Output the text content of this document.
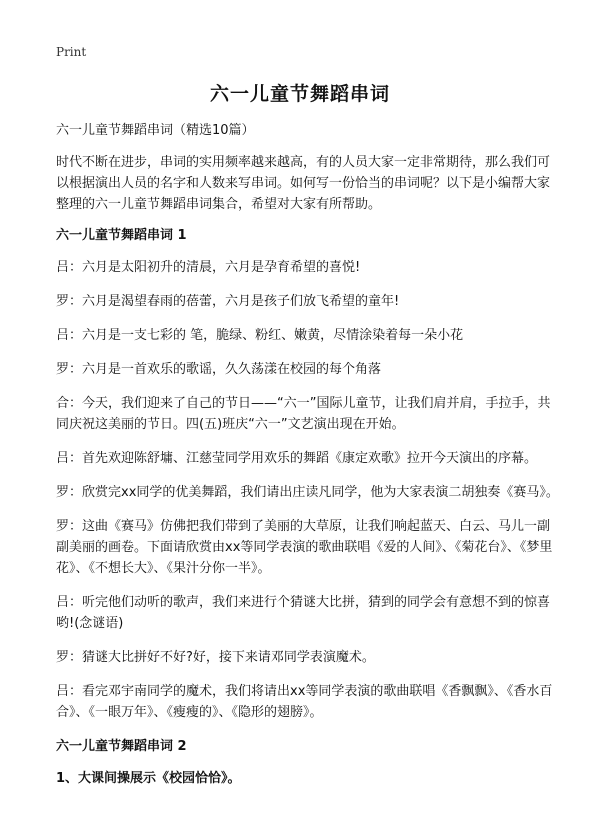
Print
六一儿童节舞蹈串词

六一儿童节舞蹈串词（精选10篇）

时代不断在进步，串词的实用频率越来越高，有的人员大家一定非常期待，那么我们可以根据演出人员的名字和人数来写串词。如何写一份恰当的串词呢？以下是小编帮大家整理的六一儿童节舞蹈串词集合，希望对大家有所帮助。

六一儿童节舞蹈串词 1

吕：六月是太阳初升的清晨，六月是孕育希望的喜悦!

罗：六月是渴望春雨的蓓蕾，六月是孩子们放飞希望的童年!

吕：六月是一支七彩的 笔，脆绿、粉红、嫩黄，尽情涂染着每一朵小花

罗：六月是一首欢乐的歌谣，久久荡漾在校园的每个角落

合：今天，我们迎来了自己的节日——“六一”国际儿童节，让我们肩并肩，手拉手，共同庆祝这美丽的节日。四(五)班庆“六一”文艺演出现在开始。

吕：首先欢迎陈舒墉、江慈莹同学用欢乐的舞蹈《康定欢歌》拉开今天演出的序幕。

罗：欣赏完xx同学的优美舞蹈，我们请出庄读凡同学，他为大家表演二胡独奏《赛马》。

罗：这曲《赛马》仿佛把我们带到了美丽的大草原，让我们响起蓝天、白云、马儿一副副美丽的画卷。下面请欣赏由xx等同学表演的歌曲联唱《爱的人间》、《菊花台》、《梦里花》、《不想长大》、《果汁分你一半》。

吕：听完他们动听的歌声，我们来进行个猜谜大比拼，猜到的同学会有意想不到的惊喜哟!(念谜语)

罗：猜谜大比拼好不好?好，接下来请邓同学表演魔术。

吕：看完邓宇南同学的魔术，我们将请出xx等同学表演的歌曲联唱《香飘飘》、《香水百合》、《一眼万年》、《瘦瘦的》、《隐形的翅膀》。

六一儿童节舞蹈串词 2

1、大课间操展示《校园恰恰》。
